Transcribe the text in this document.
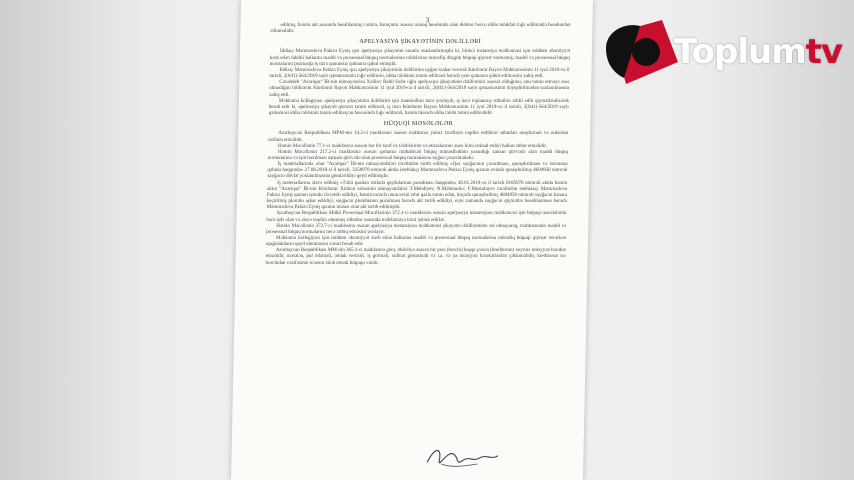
3

edilmiş, həmin akt əsasında hesablanmış cərimə, həmçinin əsassız olaraq hesabında olan debitor borcu iddia müddəti ləğv edilməklə hesabından silinməlidir.

APELYASİYA ŞİKAYƏTİNİN DƏLİLLƏRİ

İddiaçı Məmmədova Pakizə Eyniş qızı apelyasiya şikayətini onunla əsaslandırmışdır ki, birinci instansiya məhkəməsi işin mühüm əhəmiyyət kəsb edən faktiki hallarını maddi və prosessual hüquq normalarının tələblərinə müvafiq düzgün hüquqi qiymət verməmiş, maddi və prosessual hüquq normalarını pozmaqla iş üzrə qanunsuz qətnamə qəbul etmişdir.

İddiaçı Məmmədova Pakizə Eyniş qızı apelyasiya şikayətinin dəlillərinə uyğun izahat verərək Kürdəmir Rayon Məhkəməsinin 11 iyul 2019-cu il tarixli, 2(041)-564/2019 saylı qətnaməsinin ləğv edilməsi, iddia tələbinin təmin edilməsi barədə yeni qətnamə qəbul edilməsini xahiş etdi.

Cavabdeh "Azəriqaz" İB-nin nümayəndəsi Xəlilov Rahil Səfər oğlu apelyasiya şikayətinin dəlillərinin əsassız olduğunu, onu təmin etməyə əsas olmadığını bildirərək Kürdəmir Rayon Məhkəməsinin 11 iyul 2019-cu il tarixli, 2(041)-564/2019 saylı qətnaməsinin dəyişdirilmədən saxlanılmasını xahiş etdi.

Məhkəmə kollegiyası apelyasiya şikayətinin dəlillərini işin materialları üzrə yoxlayıb, iş üzrə toplanmış sübutları təhlil edib qiymətləndirərək hesab edir ki, apelyasiya şikayəti qismən təmin edilməli, iş üzrə Kürdəmir Rayon Məhkəməsinin 11 iyul 2019-cu il tarixli, 2(041)-564/2019 saylı qətnaməsi iddia tələbinin təmin edilməyən hissəsində ləğv edilməli, həmin hissədə iddia tələbi təmin edilməlidir.

HÜQUQİ MƏSƏLƏLƏR

Azərbaycan Respublikası MPM-nin 14.2-ci maddəsinə əsasən məhkəmə yalnız tərəflərin təqdim etdikləri sübutları araşdırmalı və onlardan istifadə etməlidir.

Həmin Məcəllənin 77.1-ci maddəsinə əsasən hər bir tərəf öz tələblərinin və etirazlarının əsası kimi istinad etdiyi halları sübut etməlidir.

Həmin Məcəllənin 217.2-ci maddəsinə əsasən qətnamə mübahisəli hüquq münasibətinin yarandığı zaman qüvvədə olan maddi hüquq normalarına və işin baxılması zamanı qüvvədə olan prosessual hüquq normalarına uyğun çıxarılmalıdır.

İş materiallarında olan "Azəriqaz" İB-nin nümayəndələri tərəfindən tərtib edilmiş «Qaz sayğacının çıxarılması, quraşdırılması və istismara qəbulu haqqında» 27.08.2018-ci il tarixli, 3258978 nömrəli aktda istehlakçı Məmmədova Pakizə Eyniş qızının evində quraşdırılmış 4694950 nömrəli sayğacın dövlət yoxlanılmasına göndərildiyi qeyd edilmişdir.

İş materiallarına əlavə edilmiş «Təbii qazdan istifadə qaydalarının pozulması haqqında» 30.01.2019-cu il tarixli 0185978 nömrəli aktda həmin aktın "Azəriqaz" İB-nin Kürdəmir Xidmət sahəsinin nümayəndələri T.Mehdiyev, N.Məhmudov, F.Mustafayev tərəfindən istehlakçı Məmmədova Pakizə Eyniş qızının iştirakı ilə tərtib edildiyi, həmin tarixdə onun evini təbii qazla təmin edən, küçədə quraşdırılmış 4694950 nömrəli sayğacın kənara keçirilmiş plombu aşkar edildiyi, sayğacın plombunun pozulması barədə akt tərtib edildiyi, eyni zamanda sayğacın qiymətlər hesablanması barədə Məmmədova Pakizə Eyniş qızının imzası olan akt tərtib edilmişdir.

Azərbaycan Respublikası Mülki Prosessual Məcəlləsinin 372.1-ci maddəsinə əsasən apelyasiya instansiyası məhkəməsi işin hüquqi məsələlərini həm işdə olan və əlavə təqdim olunmuş sübutlar əsasında məhkəməyə kimi iştirak edirlər.

Həmin Məcəllənin 372.7-ci maddəsinə əsasən apelyasiya instansiyası məhkəməsi şikayətin dəlillərindən əsl olmayaraq, məhkəmənin maddi və prosessual hüquq normalarını necə tətbiq etməsini yoxlayır.

Məhkəmə kollegiyası işin mühüm əhəmiyyət kəsb edən hallarına maddi və prosessual hüquq normalarına müvafiq hüquqi qiymət verərkən aşağıdakıların qeyd olunmasını zəruri hesab edir.

Azərbaycan Respublikası MM-nin 365.1-ci maddəsinə görə, öhdəliyə əsasən bir şəxs (borclu) başqa şəxsin (kreditorun) xeyrinə müəyyən hərəkət etməlidir, məsələn, pul ödəməli, əmlak verməli, iş görməli, xidmət göstərməli və i.a. və ya müəyyən hərəkətlərdən çəkinməlidir, kreditorun isə borcludan vəzifəsinin icrasını tələb etmək hüququ vardır.

Toplumtv
